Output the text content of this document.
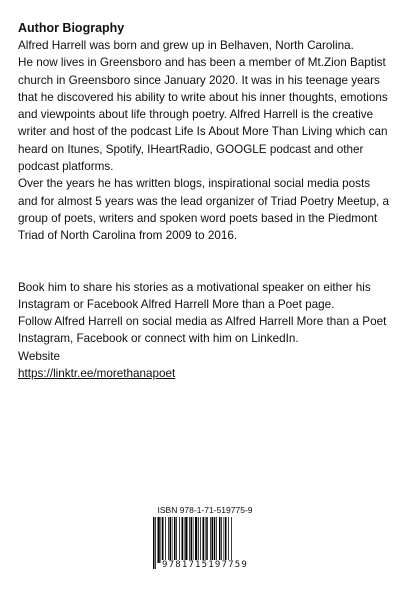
Author Biography

Alfred Harrell was born and grew up in Belhaven, North Carolina.

He now lives in Greensboro and has been a member of Mt.Zion Baptist church in Greensboro since January 2020. It was in his teenage years that he discovered his ability to write about his inner thoughts, emotions and viewpoints about life through poetry. Alfred Harrell is the creative writer and host of the podcast Life Is About More Than Living which can heard on Itunes, Spotify, IHeartRadio, GOOGLE podcast and other podcast platforms.

Over the years he has written blogs, inspirational social media posts and for almost 5 years was the lead organizer of Triad Poetry Meetup, a group of poets, writers and spoken word poets based in the Piedmont Triad of North Carolina from 2009 to 2016.

Book him to share his stories as a motivational speaker on either his Instagram or Facebook Alfred Harrell More than a Poet page.

Follow Alfred Harrell on social media as Alfred Harrell More than a Poet Instagram, Facebook or connect with him on LinkedIn.

Website

https://linktr.ee/morethanapoet

ISBN 978-1-71-519775-9

9781715197759
